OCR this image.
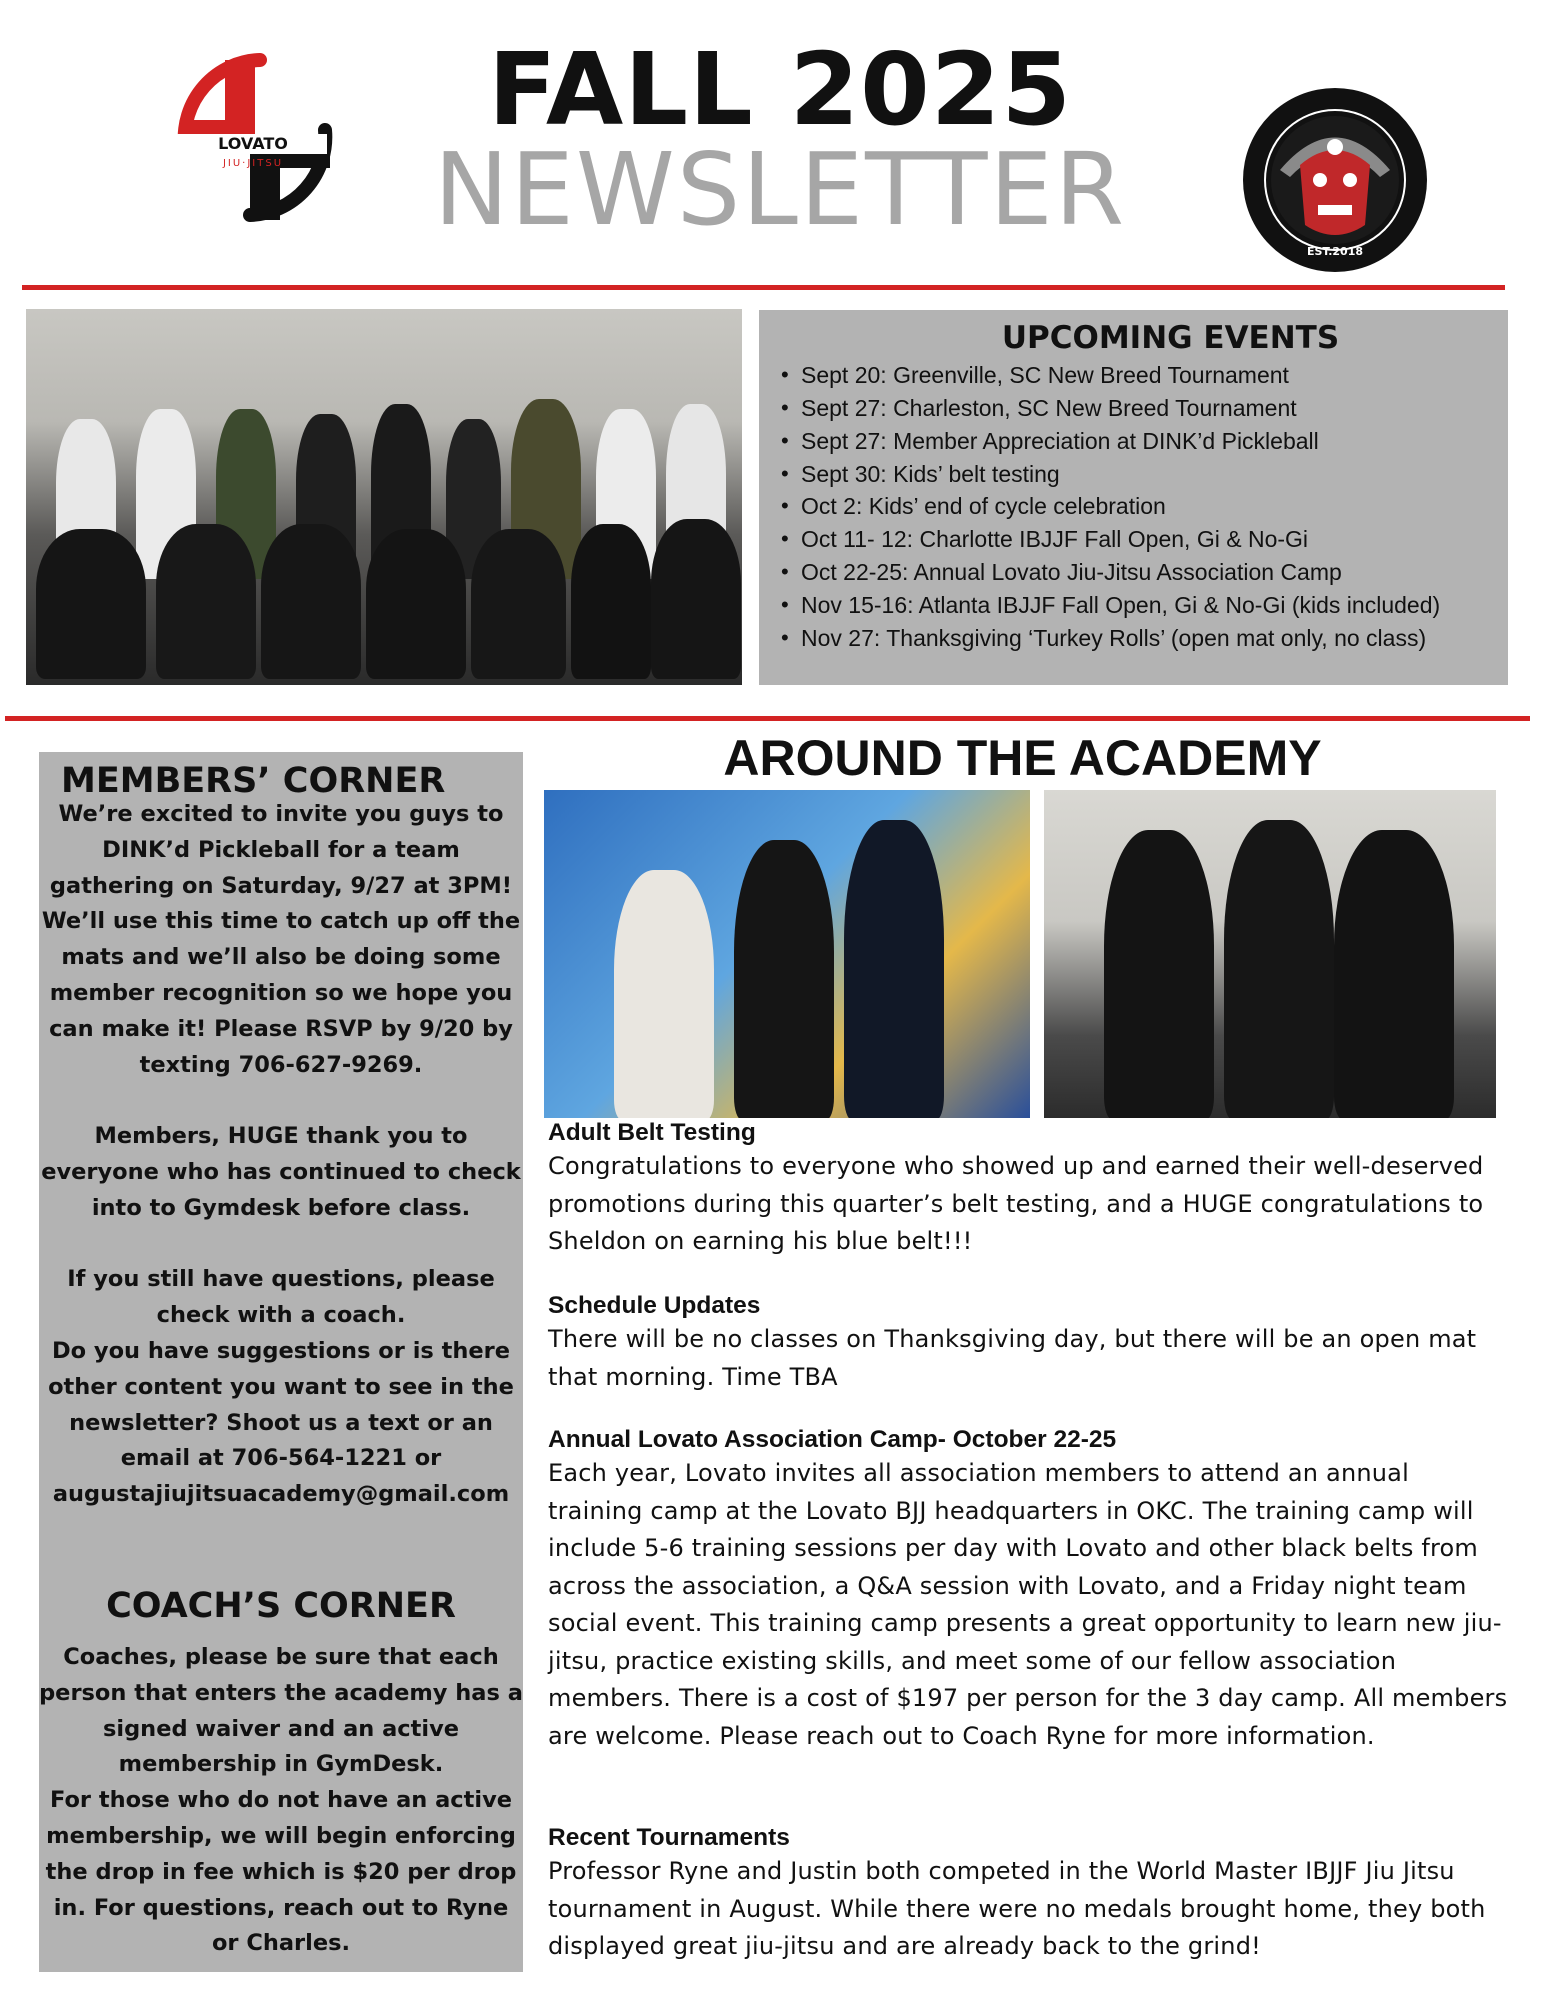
LOVATO
JIU·JITSU
FALL 2025
NEWSLETTER
EST.2018
UPCOMING EVENTS
• Sept 20: Greenville, SC New Breed Tournament
• Sept 27: Charleston, SC New Breed Tournament
• Sept 27: Member Appreciation at DINK’d Pickleball
• Sept 30: Kids’ belt testing
• Oct 2: Kids’ end of cycle celebration
• Oct 11- 12: Charlotte IBJJF Fall Open, Gi & No-Gi
• Oct 22-25: Annual Lovato Jiu-Jitsu Association Camp
• Nov 15-16: Atlanta IBJJF Fall Open, Gi & No-Gi (kids included)
• Nov 27: Thanksgiving ‘Turkey Rolls’ (open mat only, no class)
MEMBERS’ CORNER

We’re excited to invite you guys to DINK’d Pickleball for a team gathering on Saturday, 9/27 at 3PM! We’ll use this time to catch up off the mats and we’ll also be doing some member recognition so we hope you can make it! Please RSVP by 9/20 by texting 706-627-9269.

Members, HUGE thank you to everyone who has continued to check into to Gymdesk before class.

If you still have questions, please check with a coach.

Do you have suggestions or is there other content you want to see in the newsletter? Shoot us a text or an email at 706-564-1221 or augustajiujitsuacademy@gmail.com

COACH’S CORNER

Coaches, please be sure that each person that enters the academy has a signed waiver and an active membership in GymDesk.

For those who do not have an active membership, we will begin enforcing the drop in fee which is $20 per drop in. For questions, reach out to Ryne or Charles.

AROUND THE ACADEMY
Adult Belt Testing

Congratulations to everyone who showed up and earned their well-deserved promotions during this quarter’s belt testing, and a HUGE congratulations to Sheldon on earning his blue belt!!!

Schedule Updates

There will be no classes on Thanksgiving day, but there will be an open mat that morning. Time TBA

Annual Lovato Association Camp- October 22-25

Each year, Lovato invites all association members to attend an annual training camp at the Lovato BJJ headquarters in OKC. The training camp will include 5-6 training sessions per day with Lovato and other black belts from across the association, a Q&A session with Lovato, and a Friday night team social event. This training camp presents a great opportunity to learn new jiu-jitsu, practice existing skills, and meet some of our fellow association members. There is a cost of $197 per person for the 3 day camp. All members are welcome. Please reach out to Coach Ryne for more information.

Recent Tournaments

Professor Ryne and Justin both competed in the World Master IBJJF Jiu Jitsu tournament in August. While there were no medals brought home, they both displayed great jiu-jitsu and are already back to the grind!
